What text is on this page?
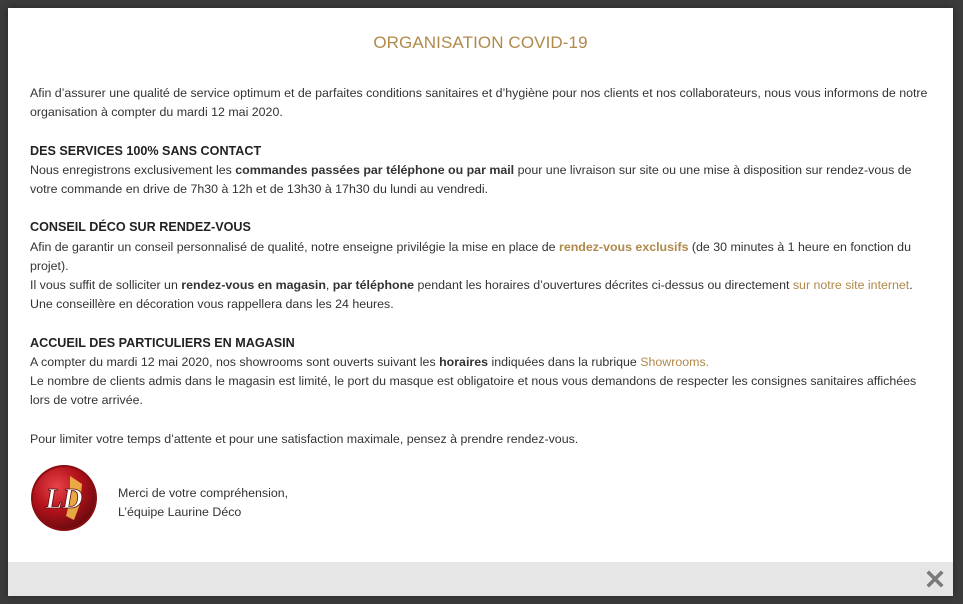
ORGANISATION COVID-19

Afin d’assurer une qualité de service optimum et de parfaites conditions sanitaires et d’hygiène pour nos clients et nos collaborateurs, nous vous informons de notre organisation à compter du mardi 12 mai 2020.

DES SERVICES 100% SANS CONTACT

Nous enregistrons exclusivement les commandes passées par téléphone ou par mail pour une livraison sur site ou une mise à disposition sur rendez-vous de votre commande en drive de 7h30 à 12h et de 13h30 à 17h30 du lundi au vendredi.

CONSEIL DÉCO SUR RENDEZ-VOUS
Afin de garantir un conseil personnalisé de qualité, notre enseigne privilégie la mise en place de rendez-vous exclusifs (de 30 minutes à 1 heure en fonction du projet).

Il vous suffit de solliciter un rendez-vous en magasin, par téléphone pendant les horaires d’ouvertures décrites ci-dessus ou directement sur notre site internet. Une conseillère en décoration vous rappellera dans les 24 heures.

ACCUEIL DES PARTICULIERS EN MAGASIN
A compter du mardi 12 mai 2020, nos showrooms sont ouverts suivant les horaires indiquées dans la rubrique Showrooms.

Le nombre de clients admis dans le magasin est limité, le port du masque est obligatoire et nous vous demandons de respecter les consignes sanitaires affichées lors de votre arrivée.

Pour limiter votre temps d’attente et pour une satisfaction maximale, pensez à prendre rendez-vous.

LD	Merci de votre compréhension,
L’équipe Laurine Déco
